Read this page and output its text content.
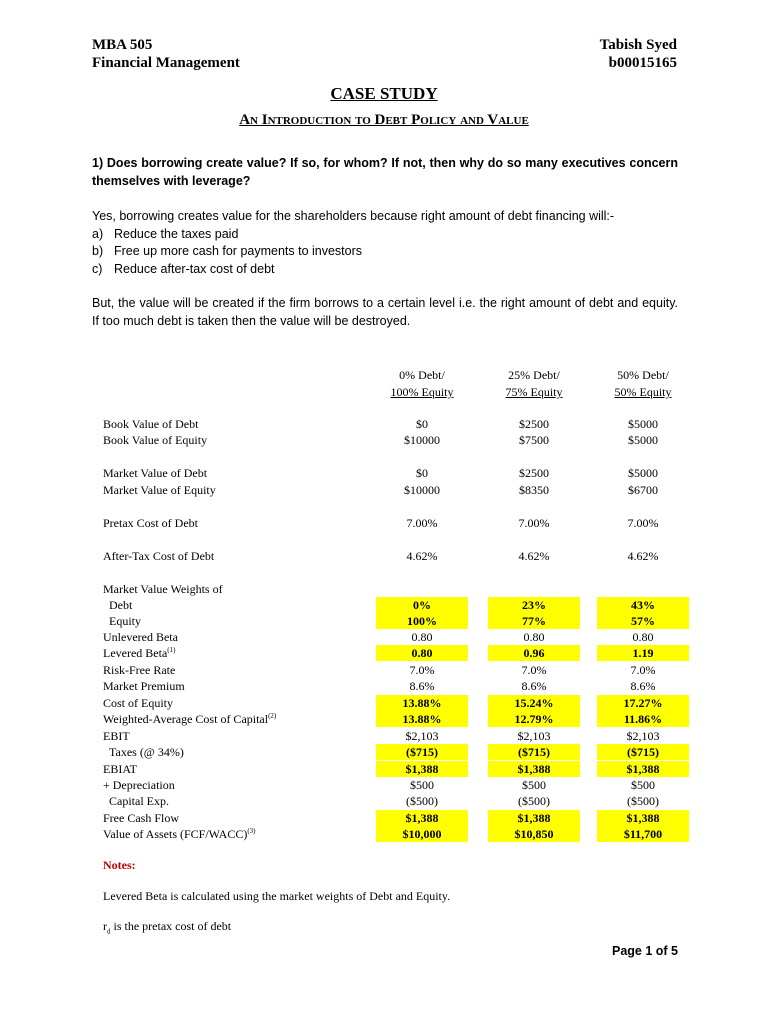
MBA 505
Financial Management
Tabish Syed
b00015165
CASE STUDY
An Introduction to Debt Policy and Value
1) Does borrowing create value? If so, for whom? If not, then why do so many executives concern themselves with leverage?
Yes, borrowing creates value for the shareholders because right amount of debt financing will:-
a) Reduce the taxes paid
b) Free up more cash for payments to investors
c) Reduce after-tax cost of debt
But, the value will be created if the firm borrows to a certain level i.e. the right amount of debt and equity. If too much debt is taken then the value will be destroyed.
0% Debt/
100% Equity
25% Debt/
75% Equity
50% Debt/
50% Equity
Book Value of Debt	$0	$2500	$5000
Book Value of Equity	$10000	$7500	$5000
Market Value of Debt	$0	$2500	$5000
Market Value of Equity	$10000	$8350	$6700
Pretax Cost of Debt	7.00%	7.00%	7.00%
After-Tax Cost of Debt	4.62%	4.62%	4.62%
Market Value Weights of
Debt	0%	23%	43%
Equity	100%	77%	57%
Unlevered Beta	0.80	0.80	0.80
Levered Beta$^{(1)}$	0.80	0.96	1.19
Risk-Free Rate	7.0%	7.0%	7.0%
Market Premium	8.6%	8.6%	8.6%
Cost of Equity	13.88%	15.24%	17.27%
Weighted-Average Cost of Capital$^{(2)}$	13.88%	12.79%	11.86%
EBIT	$2,103	$2,103	$2,103
Taxes (@ 34%)	($715)	($715)	($715)
EBIAT	$1,388	$1,388	$1,388
+ Depreciation	$500	$500	$500
Capital Exp.	($500)	($500)	($500)
Free Cash Flow	$1,388	$1,388	$1,388
Value of Assets (FCF/WACC)$^{(3)}$	$10,000	$10,850	$11,700
Notes:
Levered Beta is calculated using the market weights of Debt and Equity.
$r_d$ is the pretax cost of debt
Page 1 of 5
